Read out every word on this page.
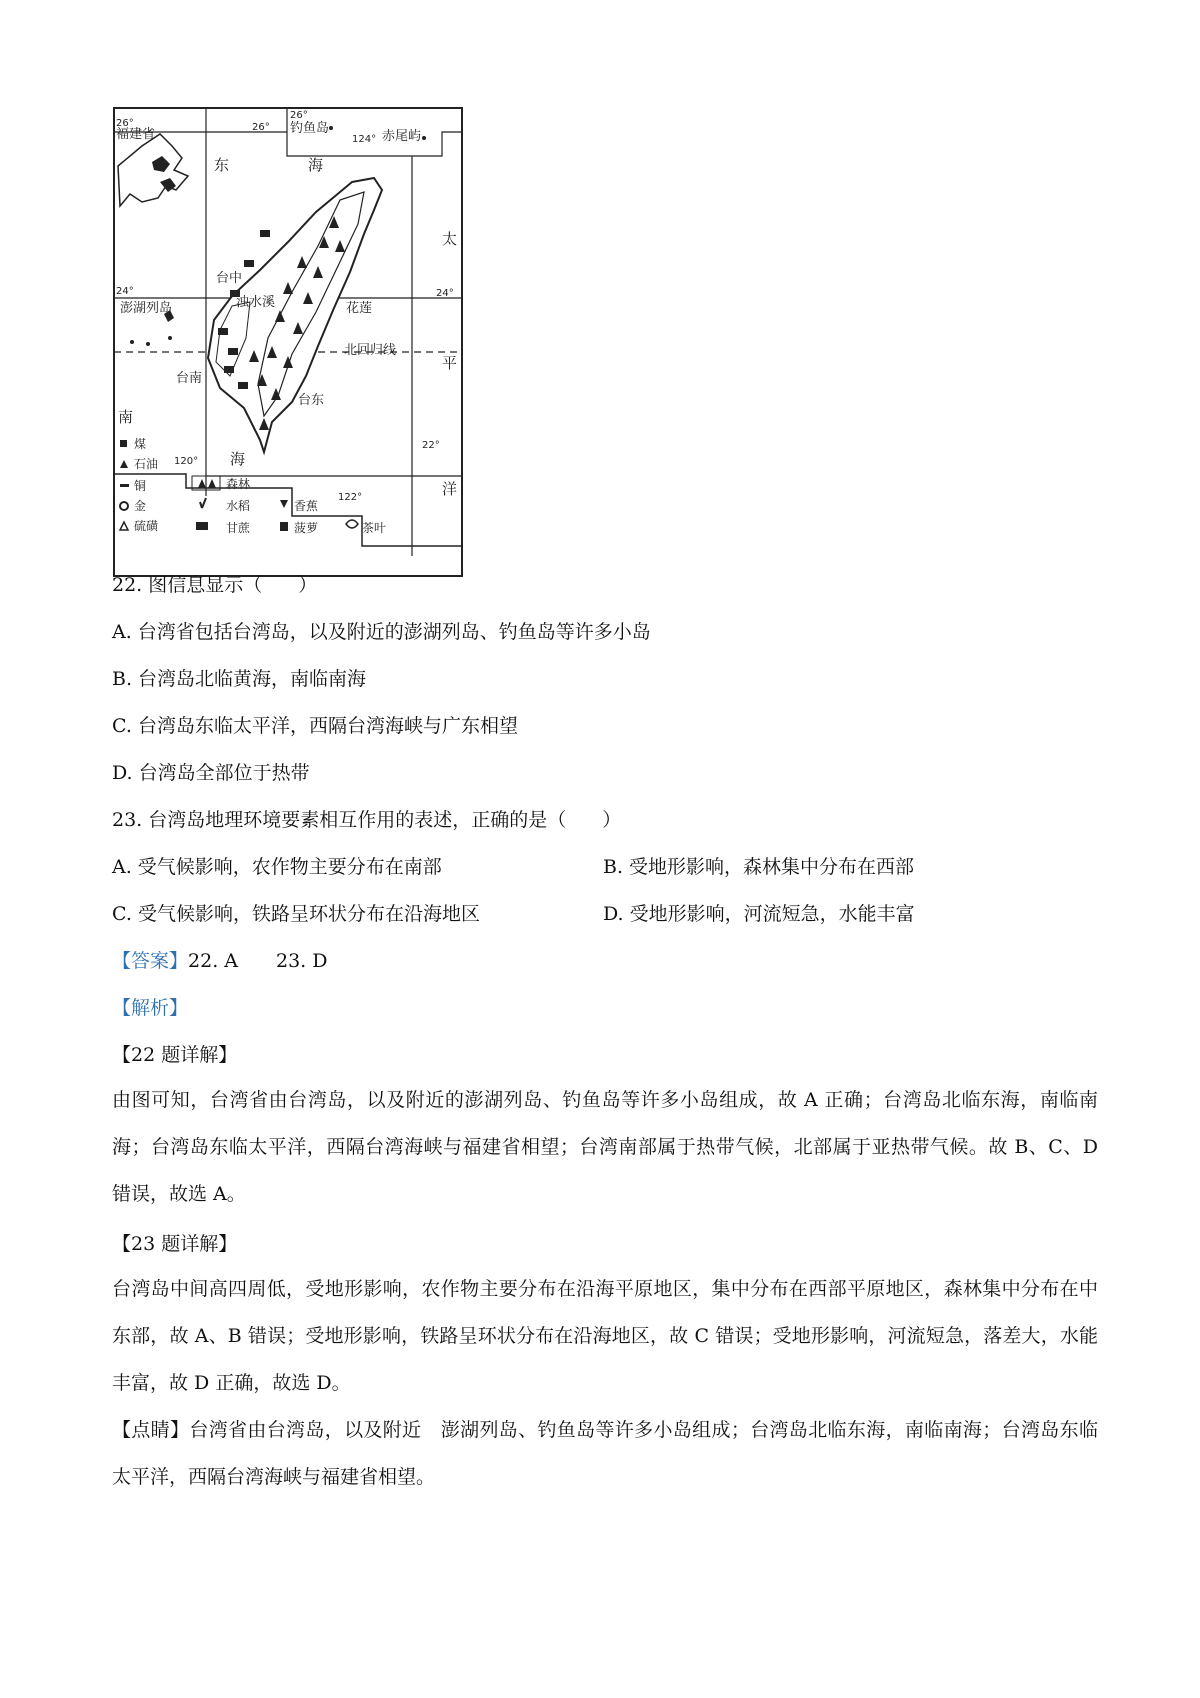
26°
福建省	26°
26°
钓鱼岛
124° 赤尾屿
东	海
太
平
洋
24°	24°
台中
澎湖列岛	浊水溪	花莲
北回归线
台南
台东
南
海
22°
120°
122°
煤
石油
铜
金
硫磺
森林
水稻
甘蔗
香蕉
菠萝	茶叶
22. 图信息显示（ ）
A. 台湾省包括台湾岛，以及附近的澎湖列岛、钓鱼岛等许多小岛
B. 台湾岛北临黄海，南临南海
C. 台湾岛东临太平洋，西隔台湾海峡与广东相望
D. 台湾岛全部位于热带
23. 台湾岛地理环境要素相互作用的表述，正确的是（ ）
A. 受气候影响，农作物主要分布在南部	B. 受地形影响，森林集中分布在西部
C. 受气候影响，铁路呈环状分布在沿海地区	D. 受地形影响，河流短急，水能丰富
【答案】22. A 23. D
【解析】
【22 题详解】
由图可知，台湾省由台湾岛，以及附近的澎湖列岛、钓鱼岛等许多小岛组成，故 A 正确；台湾岛北临东海，南临南海；台湾岛东临太平洋，西隔台湾海峡与福建省相望；台湾南部属于热带气候，北部属于亚热带气候。故 B、C、D 错误，故选 A。
【23 题详解】
台湾岛中间高四周低，受地形影响，农作物主要分布在沿海平原地区，集中分布在西部平原地区，森林集中分布在中东部，故 A、B 错误；受地形影响，铁路呈环状分布在沿海地区，故 C 错误；受地形影响，河流短急，落差大，水能丰富，故 D 正确，故选 D。
【点睛】台湾省由台湾岛，以及附近　澎湖列岛、钓鱼岛等许多小岛组成；台湾岛北临东海，南临南海；台湾岛东临太平洋，西隔台湾海峡与福建省相望。
